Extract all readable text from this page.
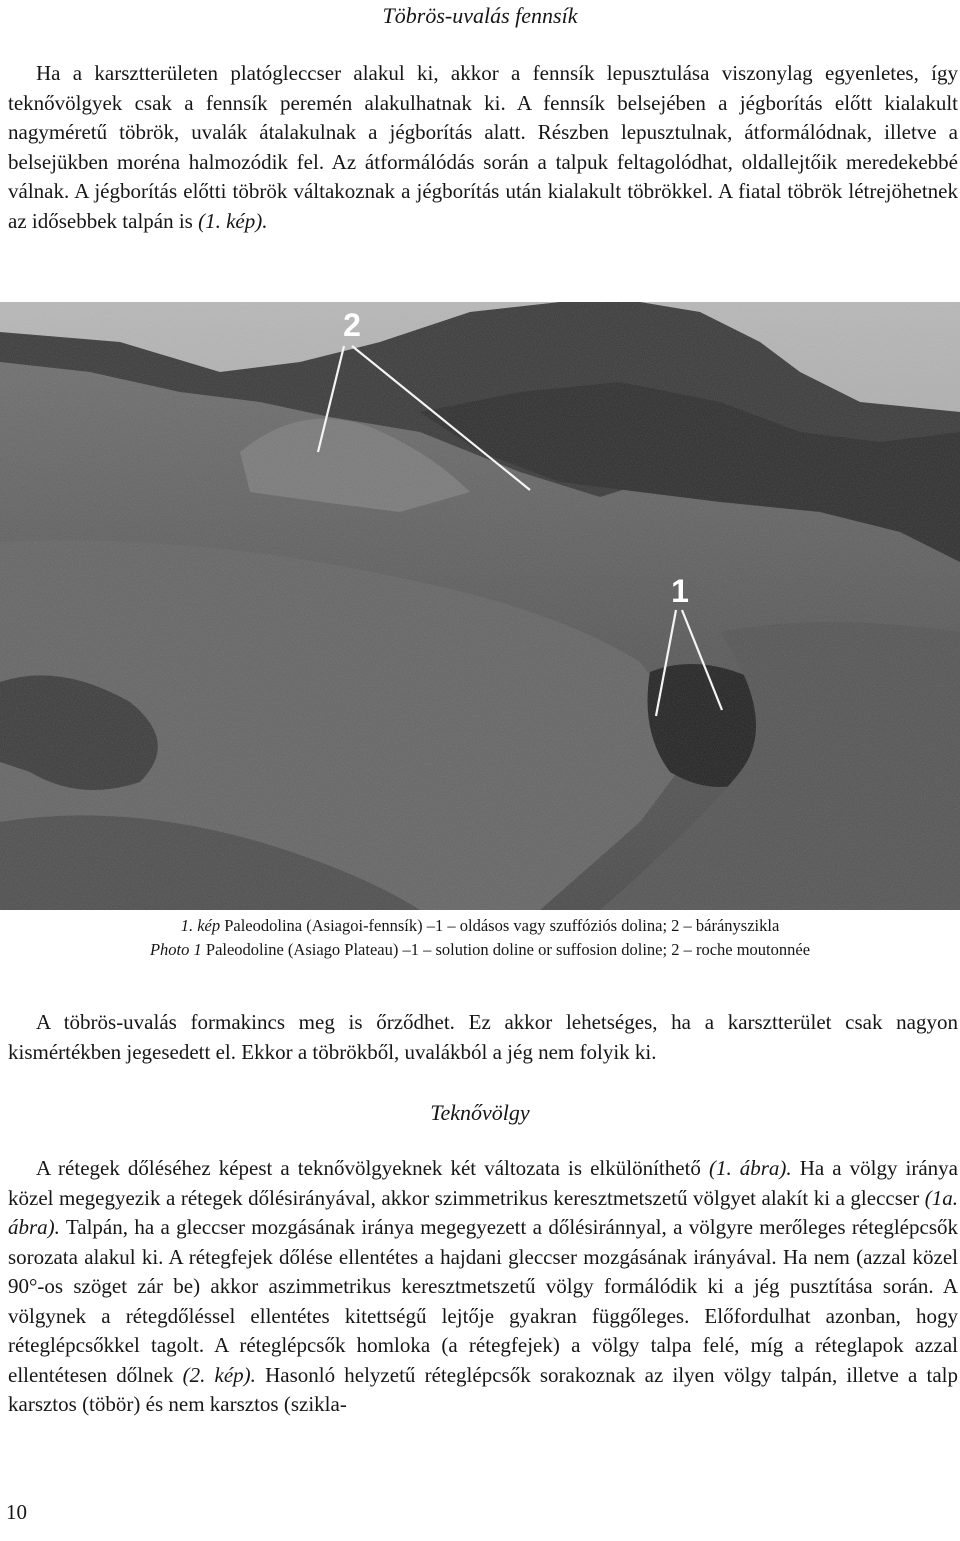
Töbrös-uvalás fennsík

Ha a karsztterületen platógleccser alakul ki, akkor a fennsík lepusztulása viszonylag egyenletes, így teknővölgyek csak a fennsík peremén alakulhatnak ki. A fennsík belsejében a jégborítás előtt kialakult nagyméretű töbrök, uvalák átalakulnak a jégborítás alatt. Részben lepusztulnak, átformálódnak, illetve a belsejükben moréna halmozódik fel. Az átformálódás során a talpuk feltagolódhat, oldallejtőik meredekebbé válnak. A jégborítás előtti töbrök váltakoznak a jégborítás után kialakult töbrökkel. A fiatal töbrök létrejöhetnek az idősebbek talpán is (1. kép).

2
1
1. kép Paleodolina (Asiagoi-fennsík) –1 – oldásos vagy szuffóziós dolina; 2 – bárányszikla
Photo 1 Paleodoline (Asiago Plateau) –1 – solution doline or suffosion doline; 2 – roche moutonnée

A töbrös-uvalás formakincs meg is őrződhet. Ez akkor lehetséges, ha a karsztterület csak nagyon kismértékben jegesedett el. Ekkor a töbrökből, uvalákból a jég nem folyik ki.

Teknővölgy

A rétegek dőléséhez képest a teknővölgyeknek két változata is elkülöníthető (1. ábra). Ha a völgy iránya közel megegyezik a rétegek dőlésirányával, akkor szimmetrikus keresztmetszetű völgyet alakít ki a gleccser (1a. ábra). Talpán, ha a gleccser mozgásának iránya megegyezett a dőlésiránnyal, a völgyre merőleges réteglépcsők sorozata alakul ki. A rétegfejek dőlése ellentétes a hajdani gleccser mozgásának irányával. Ha nem (azzal közel 90°-os szöget zár be) akkor aszimmetrikus keresztmetszetű völgy formálódik ki a jég pusztítása során. A völgynek a rétegdőléssel ellentétes kitettségű lejtője gyakran függőleges. Előfordulhat azonban, hogy réteglépcsőkkel tagolt. A réteglépcsők homloka (a rétegfejek) a völgy talpa felé, míg a réteglapok azzal ellentétesen dőlnek (2. kép). Hasonló helyzetű réteglépcsők sorakoznak az ilyen völgy talpán, illetve a talp karsztos (töbör) és nem karsztos (szikla-

10
